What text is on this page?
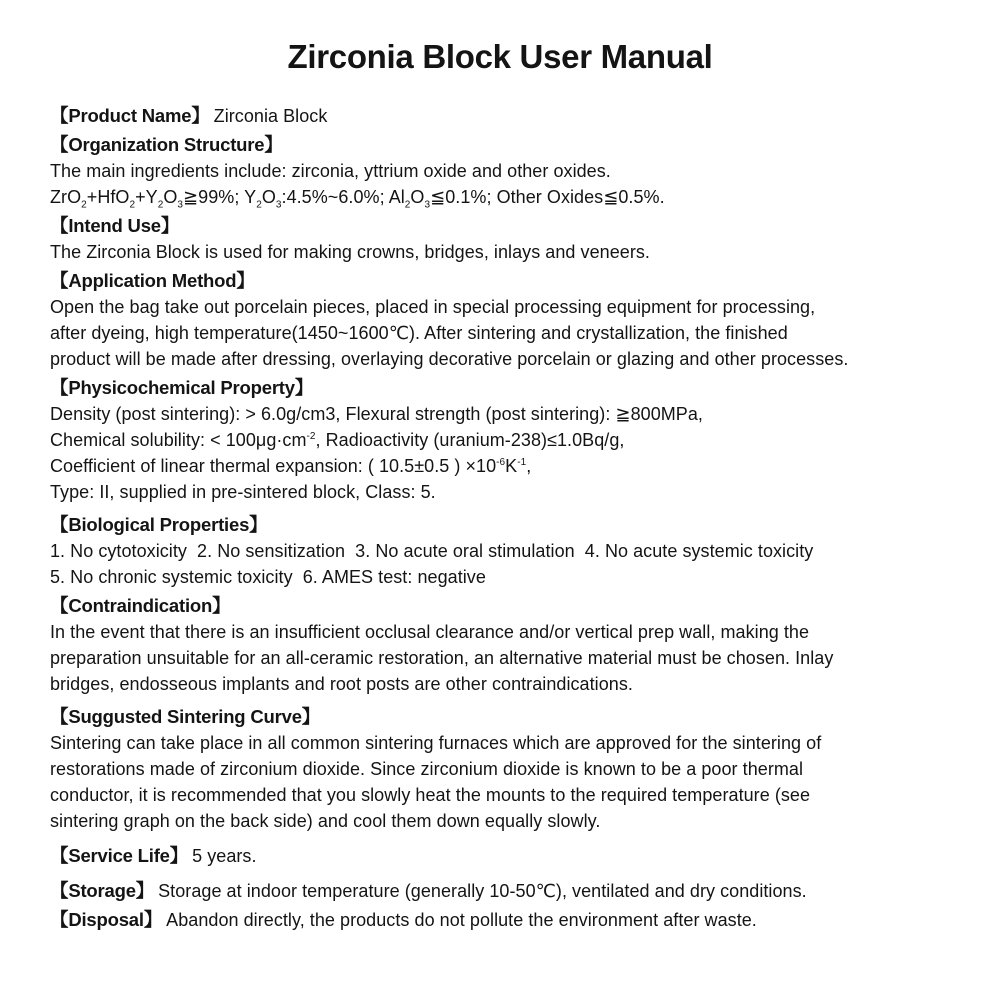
Zirconia Block User Manual
【Product Name】 Zirconia Block
【Organization Structure】
The main ingredients include: zirconia, yttrium oxide and other oxides.
$ZrO_2+HfO_2+Y_2O_3≧99\%$; $Y_2O_3:4.5\%\sim 6.0\%$; $Al_2O_3≦0.1\%$; Other Oxides≦0.5%.
【Intend Use】
The Zirconia Block is used for making crowns, bridges, inlays and veneers.
【Application Method】
Open the bag take out porcelain pieces, placed in special processing equipment for processing,
after dyeing, high temperature(1450~1600℃). After sintering and crystallization, the finished
product will be made after dressing, overlaying decorative porcelain or glazing and other processes.
【Physicochemical Property】
Density (post sintering): > 6.0g/cm3, Flexural strength (post sintering): ≧800MPa,
Chemical solubility: < $100\mu g\cdot cm^{-2}$, Radioactivity (uranium-238)≤1.0Bq/g,
Coefficient of linear thermal expansion: ( 10.5±0.5 ) $\times 10^{-6}K^{-1}$,
Type: II, supplied in pre-sintered block, Class: 5.
【Biological Properties】
1. No cytotoxicity  2. No sensitization  3. No acute oral stimulation  4. No acute systemic toxicity
5. No chronic systemic toxicity  6. AMES test: negative
【Contraindication】
In the event that there is an insufficient occlusal clearance and/or vertical prep wall, making the
preparation unsuitable for an all-ceramic restoration, an alternative material must be chosen. Inlay
bridges, endosseous implants and root posts are other contraindications.
【Suggusted Sintering Curve】
Sintering can take place in all common sintering furnaces which are approved for the sintering of
restorations made of zirconium dioxide. Since zirconium dioxide is known to be a poor thermal
conductor, it is recommended that you slowly heat the mounts to the required temperature (see
sintering graph on the back side) and cool them down equally slowly.
【Service Life】 5 years.
【Storage】 Storage at indoor temperature (generally 10-50℃), ventilated and dry conditions.
【Disposal】 Abandon directly, the products do not pollute the environment after waste.
